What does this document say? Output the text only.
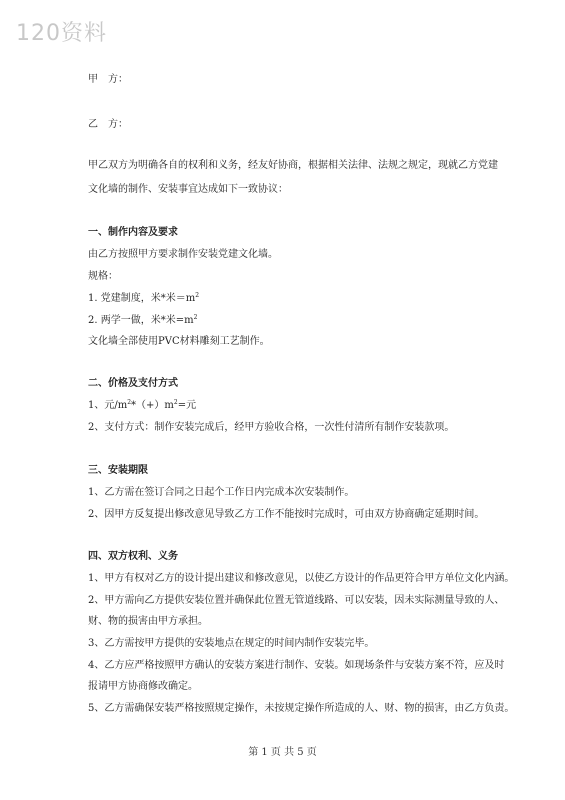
120资料
甲　方：
乙　方：
甲乙双方为明确各自的权利和义务，经友好协商，根据相关法律、法规之规定，现就乙方党建
文化墙的制作、安装事宜达成如下一致协议：
一、制作内容及要求
由乙方按照甲方要求制作安装党建文化墙。
规格：
1. 党建制度，米*米$=m^2$
2. 两学一做，米*米$=m^2$
文化墙全部使用PVC材料雕刻工艺制作。
二、价格及支付方式
1、元$/m^2*(+)m^2=$元
2、支付方式：制作安装完成后，经甲方验收合格，一次性付清所有制作安装款项。
三、安装期限
1、乙方需在签订合同之日起个工作日内完成本次安装制作。
2、因甲方反复提出修改意见导致乙方工作不能按时完成时，可由双方协商确定延期时间。
四、双方权利、义务
1、甲方有权对乙方的设计提出建议和修改意见，以使乙方设计的作品更符合甲方单位文化内涵。
2、甲方需向乙方提供安装位置并确保此位置无管道线路、可以安装，因未实际测量导致的人、
财、物的损害由甲方承担。
3、乙方需按甲方提供的安装地点在规定的时间内制作安装完毕。
4、乙方应严格按照甲方确认的安装方案进行制作、安装。如现场条件与安装方案不符，应及时
报请甲方协商修改确定。
5、乙方需确保安装严格按照规定操作，未按规定操作所造成的人、财、物的损害，由乙方负责。
第 1 页 共 5 页
